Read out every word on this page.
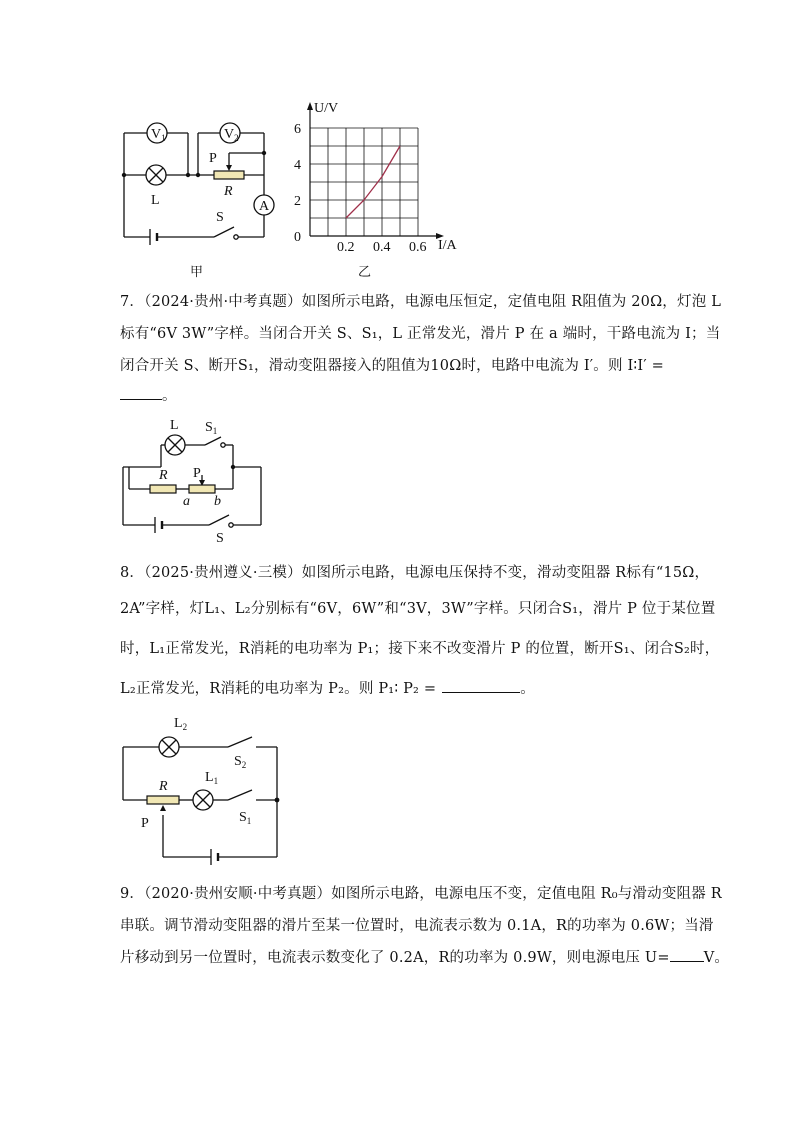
$V_1$	$V_2$
L
P
R
A
S
甲
0.2 0.4 0.6
0
2
4
6
U/V
I/A
乙
7．（2024·贵州·中考真题）如图所示电路，电源电压恒定，定值电阻 R阻值为 20Ω，灯泡 L
标有“6V 3W”字样。当闭合开关 S、S₁，L 正常发光，滑片 P 在 a 端时，干路电流为 I；当
闭合开关 S、断开S₁，滑动变阻器接入的阻值为10Ω时，电路中电流为 I′。则 I∶I′ =
。
L $S_1$
R P
a b
S
8．（2025·贵州遵义·三模）如图所示电路，电源电压保持不变，滑动变阻器 R标有“15Ω，
2A”字样，灯L₁、L₂分别标有“6V，6W”和“3V，3W”字样。只闭合S₁，滑片 P 位于某位置
时，L₁正常发光，R消耗的电功率为 P₁；接下来不改变滑片 P 的位置，断开S₁、闭合S₂时，
L₂正常发光，R消耗的电功率为 P₂。则 P₁∶ P₂ =	。
$L_2$
$S_2$
R
$L_1$
P	$S_1$
9．（2020·贵州安顺·中考真题）如图所示电路，电源电压不变，定值电阻 R₀与滑动变阻器 R
串联。调节滑动变阻器的滑片至某一位置时，电流表示数为 0.1A，R的功率为 0.6W；当滑
片移动到另一位置时，电流表示数变化了 0.2A，R的功率为 0.9W，则电源电压 U= V。
